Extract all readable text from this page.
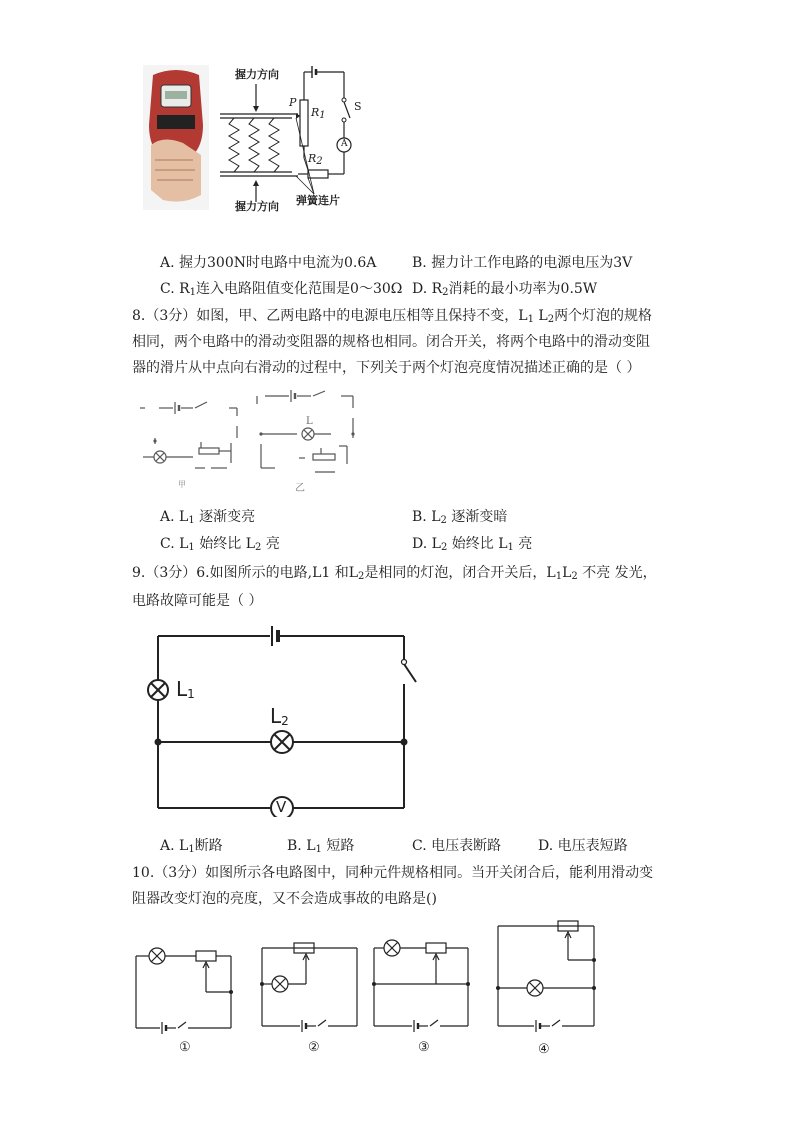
握力方向
握力方向 弹簧连片
P
$R_1$
$R_2$
S
A
A. 握力300N时电路中电流为0.6A	B. 握力计工作电路的电源电压为3V
C. $R_1$连入电路阻值变化范围是0～30Ω D. $R_2$消耗的最小功率为0.5W
8.（3分）如图，甲、乙两电路中的电源电压相等且保持不变，$L_1$ $L_2$两个灯泡的规格
相同，两个电路中的滑动变阻器的规格也相同。闭合开关，将两个电路中的滑动变阻
器的滑片从中点向右滑动的过程中，下列关于两个灯泡亮度情况描述正确的是（ ）
L
甲	乙
A. $L_1$ 逐渐变亮	B. $L_2$ 逐渐变暗
C. $L_1$ 始终比 $L_2$ 亮	D. $L_2$ 始终比 $L_1$ 亮
9.（3分）6.如图所示的电路,L1 和$L_2$是相同的灯泡，闭合开关后，$L_1L_2$ 不亮 发光，
电路故障可能是（ ）
$L_1$
$L_2$
V
A. $L_1$断路	B. $L_1$ 短路	C. 电压表断路	D. 电压表短路
10.（3分）如图所示各电路图中，同种元件规格相同。当开关闭合后，能利用滑动变
阻器改变灯泡的亮度，又不会造成事故的电路是()
①	②	③	④
